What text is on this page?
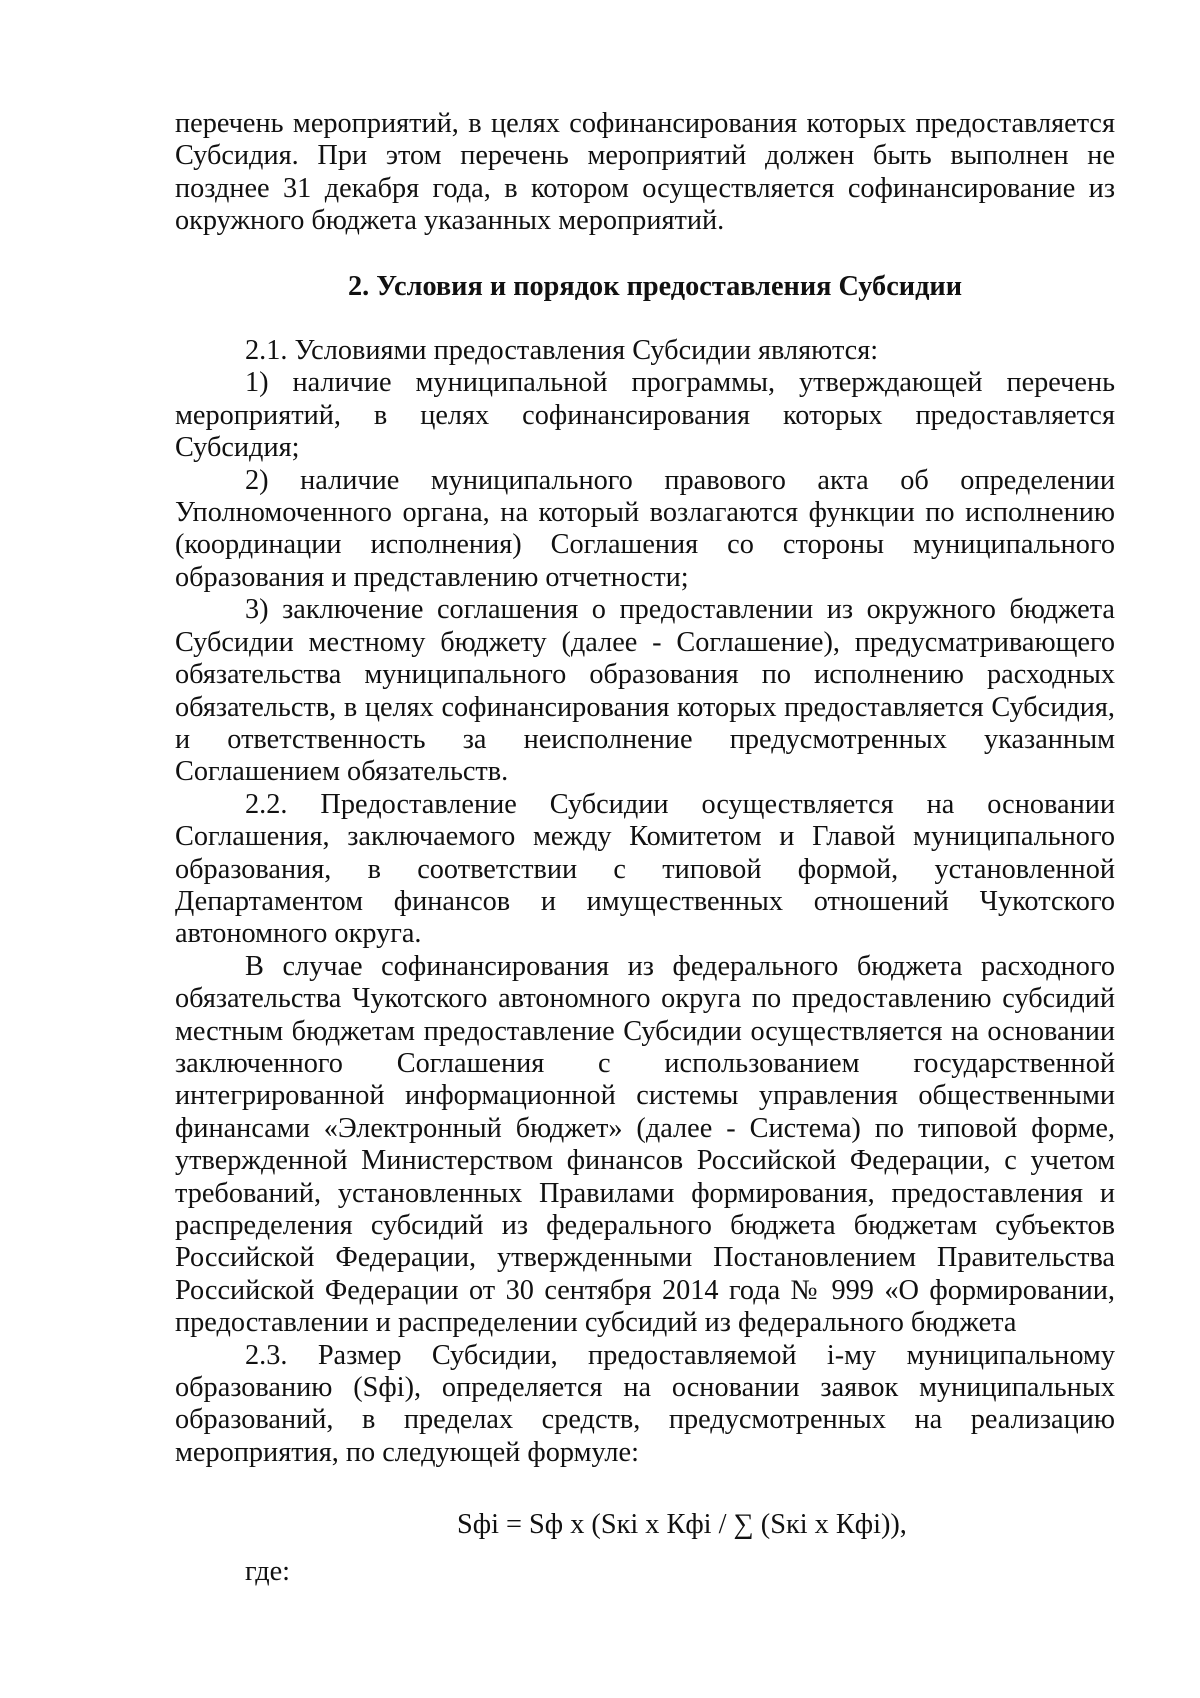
перечень мероприятий, в целях софинансирования которых предоставляется Субсидия. При этом перечень мероприятий должен быть выполнен не позднее 31 декабря года, в котором осуществляется софинансирование из окружного бюджета указанных мероприятий.

2. Условия и порядок предоставления Субсидии

2.1. Условиями предоставления Субсидии являются:

1) наличие муниципальной программы, утверждающей перечень мероприятий, в целях софинансирования которых предоставляется Субсидия;

2) наличие муниципального правового акта об определении Уполномоченного органа, на который возлагаются функции по исполнению (координации исполнения) Соглашения со стороны муниципального образования и представлению отчетности;

3) заключение соглашения о предоставлении из окружного бюджета Субсидии местному бюджету (далее - Соглашение), предусматривающего обязательства муниципального образования по исполнению расходных обязательств, в целях софинансирования которых предоставляется Субсидия, и ответственность за неисполнение предусмотренных указанным Соглашением обязательств.

2.2. Предоставление Субсидии осуществляется на основании Соглашения, заключаемого между Комитетом и Главой муниципального образования, в соответствии с типовой формой, установленной Департаментом финансов и имущественных отношений Чукотского автономного округа.

В случае софинансирования из федерального бюджета расходного обязательства Чукотского автономного округа по предоставлению субсидий местным бюджетам предоставление Субсидии осуществляется на основании заключенного Соглашения с использованием государственной интегрированной информационной системы управления общественными финансами «Электронный бюджет» (далее - Система) по типовой форме, утвержденной Министерством финансов Российской Федерации, с учетом требований, установленных Правилами формирования, предоставления и распределения субсидий из федерального бюджета бюджетам субъектов Российской Федерации, утвержденными Постановлением Правительства Российской Федерации от 30 сентября 2014 года № 999 «О формировании, предоставлении и распределении субсидий из федерального бюджета

2.3. Размер Субсидии, предоставляемой i-му муниципальному образованию (Sфi), определяется на основании заявок муниципальных образований, в пределах средств, предусмотренных на реализацию мероприятия, по следующей формуле:

Sфi = Sф x (Sкi x Кфi / ∑ (Sкi x Кфi)),

где:
